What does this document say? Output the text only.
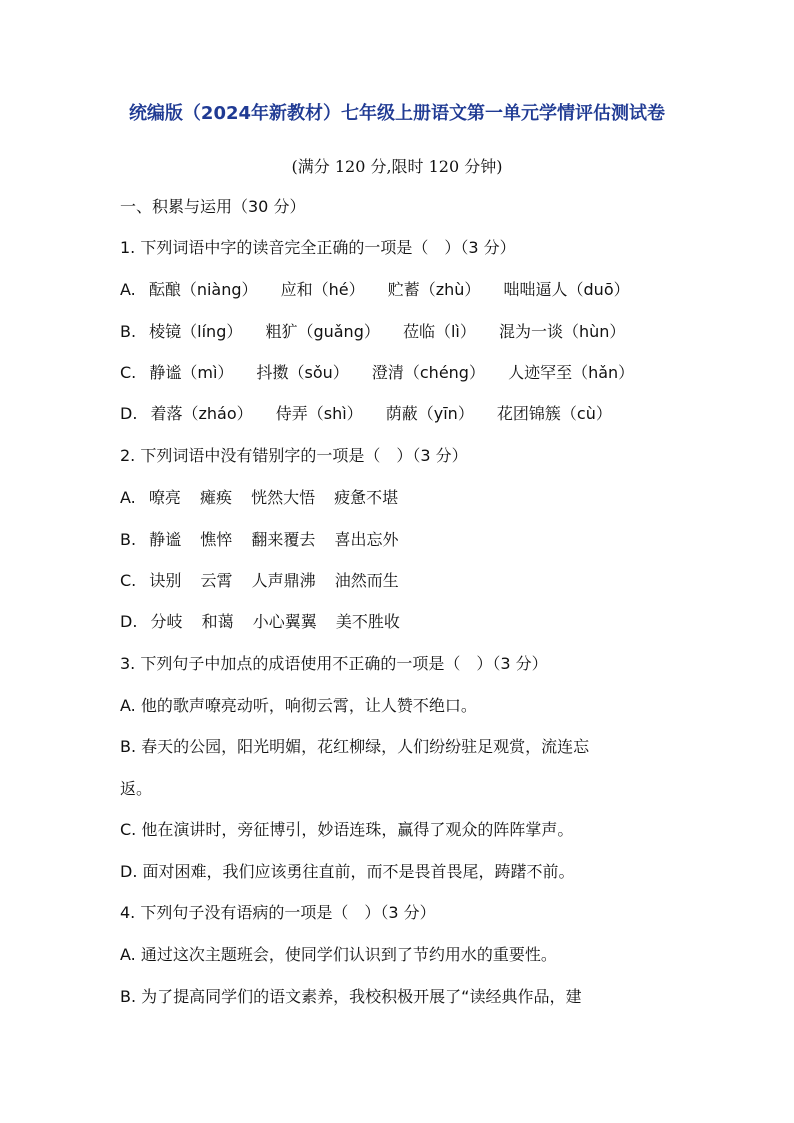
统编版（2024年新教材）七年级上册语文第一单元学情评估测试卷
(满分 120 分,限时 120 分钟)
一、积累与运用（30 分）
1. 下列词语中字的读音完全正确的一项是（　）（3 分）
A. 酝酿（niàng） 应和（hé） 贮蓄（zhù） 咄咄逼人（duō）
B. 棱镜（líng） 粗犷（guǎng） 莅临（lì） 混为一谈（hùn）
C. 静谧（mì） 抖擞（sǒu） 澄清（chéng） 人迹罕至（hǎn）
D. 着落（zháo） 侍弄（shì） 荫蔽（yīn） 花团锦簇（cù）
2. 下列词语中没有错别字的一项是（　）（3 分）
A. 嘹亮 瘫痪 恍然大悟 疲惫不堪
B. 静谧 憔悴 翻来覆去 喜出忘外
C. 诀别 云霄 人声鼎沸 油然而生
D. 分岐 和蔼 小心翼翼 美不胜收
3. 下列句子中加点的成语使用不正确的一项是（　）（3 分）
A. 他的歌声嘹亮动听，响彻云霄，让人赞不绝口。
B. 春天的公园，阳光明媚，花红柳绿，人们纷纷驻足观赏，流连忘
返。
C. 他在演讲时，旁征博引，妙语连珠，赢得了观众的阵阵掌声。
D. 面对困难，我们应该勇往直前，而不是畏首畏尾，踌躇不前。
4. 下列句子没有语病的一项是（　）（3 分）
A. 通过这次主题班会，使同学们认识到了节约用水的重要性。
B. 为了提高同学们的语文素养，我校积极开展了“读经典作品，建
